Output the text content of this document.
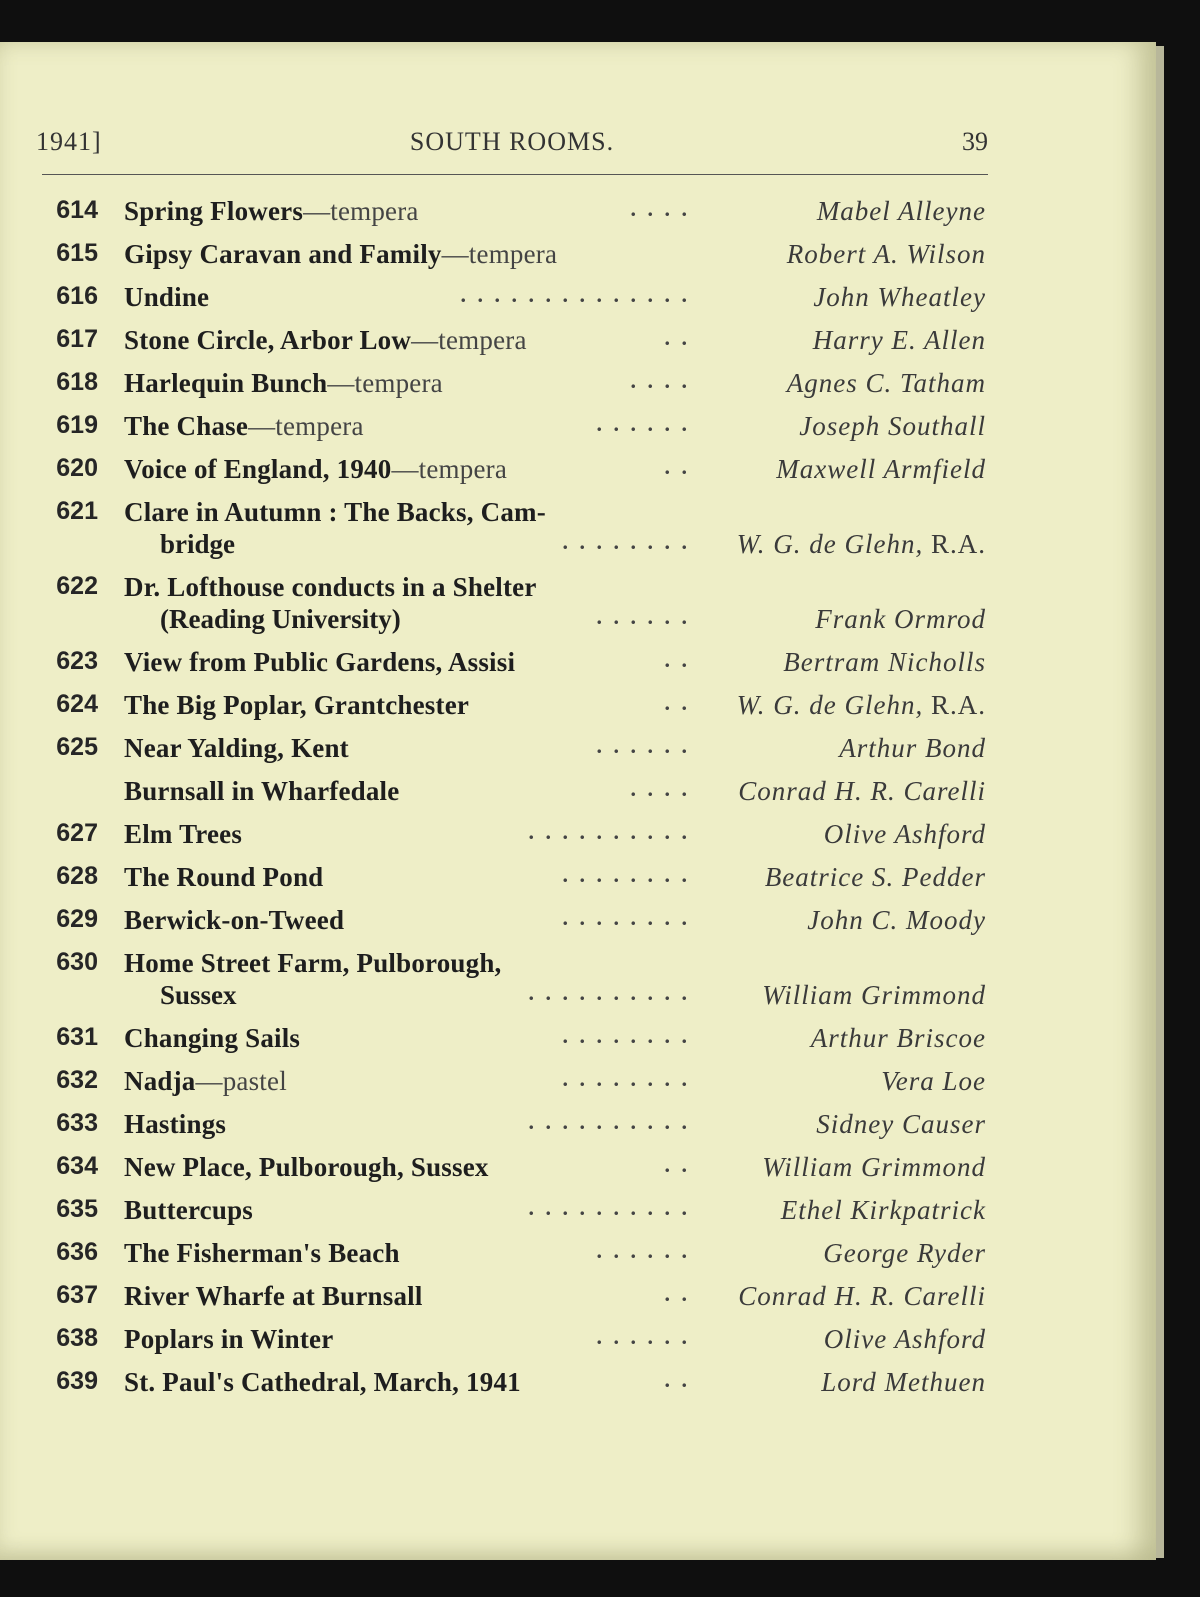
1941]	SOUTH ROOMS.	39
614 Spring Flowers—tempera	. . . .	Mabel Alleyne
615 Gipsy Caravan and Family—tempera	Robert A. Wilson
616 Undine	. . . . . . . . . . . . . .	John Wheatley
617 Stone Circle, Arbor Low—tempera	. .	Harry E. Allen
618 Harlequin Bunch—tempera	. . . .	Agnes C. Tatham
619 The Chase—tempera	. . . . . .	Joseph Southall
620 Voice of England, 1940—tempera	. .	Maxwell Armfield
621 Clare in Autumn : The Backs, Cam-
bridge	. . . . . . . . W. G. de Glehn, R.A.
622 Dr. Lofthouse conducts in a Shelter
(Reading University)	. . . . . .	Frank Ormrod
623 View from Public Gardens, Assisi	. .	Bertram Nicholls
624 The Big Poplar, Grantchester	. . W. G. de Glehn, R.A.
625 Near Yalding, Kent	. . . . . .	Arthur Bond
Burnsall in Wharfedale	. . . . Conrad H. R. Carelli
627 Elm Trees	. . . . . . . . . .	Olive Ashford
628 The Round Pond	. . . . . . . .	Beatrice S. Pedder
629 Berwick-on-Tweed	. . . . . . . .	John C. Moody
630 Home Street Farm, Pulborough,
Sussex	. . . . . . . . . .	William Grimmond
631 Changing Sails	. . . . . . . .	Arthur Briscoe
632 Nadja—pastel	. . . . . . . .	Vera Loe
633 Hastings	. . . . . . . . . .	Sidney Causer
634 New Place, Pulborough, Sussex	. .	William Grimmond
635 Buttercups	. . . . . . . . . .	Ethel Kirkpatrick
636 The Fisherman's Beach	. . . . . .	George Ryder
637 River Wharfe at Burnsall	. . Conrad H. R. Carelli
638 Poplars in Winter	. . . . . .	Olive Ashford
639 St. Paul's Cathedral, March, 1941	. .	Lord Methuen
